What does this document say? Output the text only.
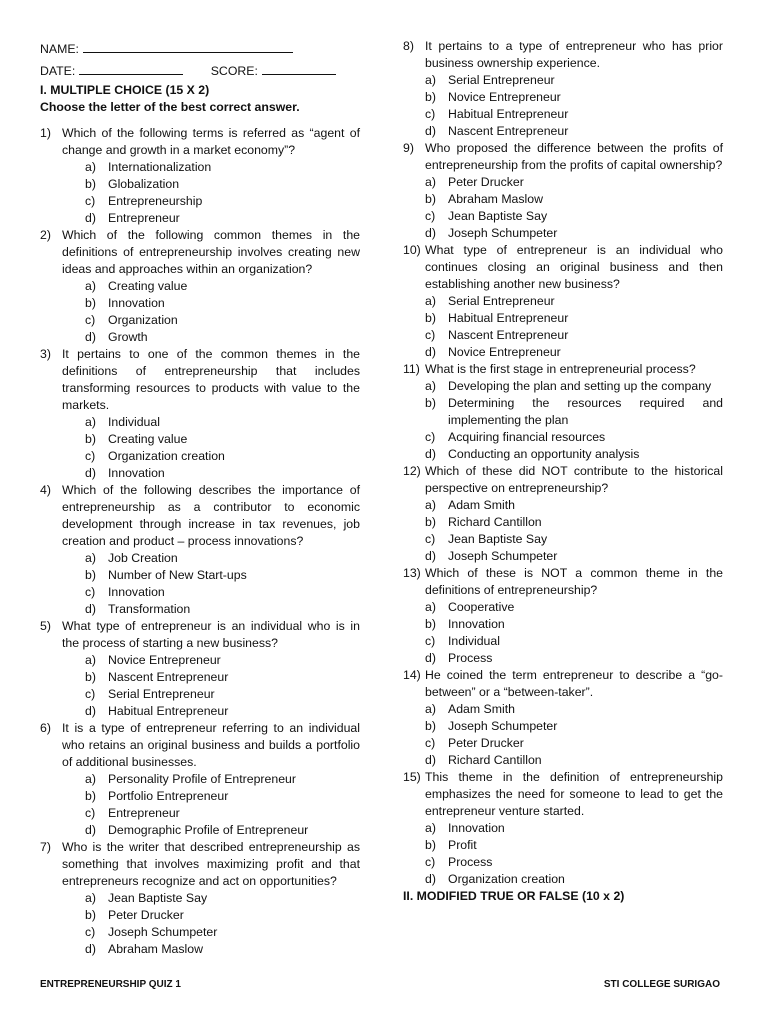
NAME:
DATE:	SCORE:
I. MULTIPLE CHOICE (15 X 2)
Choose the letter of the best correct answer.
1) Which of the following terms is referred as “agent of change and growth in a market economy”?
a) Internationalization
b) Globalization
c)	Entrepreneurship
d) Entrepreneur
2) Which of the following common themes in the definitions of entrepreneurship involves creating new ideas and approaches within an organization?
a) Creating value
b) Innovation
c)	Organization
d) Growth
3) It pertains to one of the common themes in the definitions of entrepreneurship that includes transforming resources to products with value to the markets.
a) Individual
b) Creating value
c)	Organization creation
d) Innovation
4) Which of the following describes the importance of entrepreneurship as a contributor to economic development through increase in tax revenues, job creation and product – process innovations?
a) Job Creation
b) Number of New Start-ups
c)	Innovation
d) Transformation
5) What type of entrepreneur is an individual who is in the process of starting a new business?
a) Novice Entrepreneur
b) Nascent Entrepreneur
c)	Serial Entrepreneur
d) Habitual Entrepreneur
6) It is a type of entrepreneur referring to an individual who retains an original business and builds a portfolio of additional businesses.
a) Personality Profile of Entrepreneur
b) Portfolio Entrepreneur
c)	Entrepreneur
d) Demographic Profile of Entrepreneur
7) Who is the writer that described entrepreneurship as something that involves maximizing profit and that entrepreneurs recognize and act on opportunities?
a) Jean Baptiste Say
b) Peter Drucker
c)	Joseph Schumpeter
d) Abraham Maslow
8) It pertains to a type of entrepreneur who has prior business ownership experience.
a) Serial Entrepreneur
b) Novice Entrepreneur
c)	Habitual Entrepreneur
d) Nascent Entrepreneur
9) Who proposed the difference between the profits of entrepreneurship from the profits of capital ownership?
a) Peter Drucker
b) Abraham Maslow
c)	Jean Baptiste Say
d) Joseph Schumpeter
10) What type of entrepreneur is an individual who continues closing an original business and then establishing another new business?
a) Serial Entrepreneur
b) Habitual Entrepreneur
c)	Nascent Entrepreneur
d) Novice Entrepreneur
11) What is the first stage in entrepreneurial process?
a) Developing the plan and setting up the company
b) Determining the resources required and implementing the plan
c)	Acquiring financial resources
d) Conducting an opportunity analysis
12) Which of these did NOT contribute to the historical perspective on entrepreneurship?
a) Adam Smith
b) Richard Cantillon
c)	Jean Baptiste Say
d) Joseph Schumpeter
13) Which of these is NOT a common theme in the definitions of entrepreneurship?
a) Cooperative
b) Innovation
c)	Individual
d) Process
14) He coined the term entrepreneur to describe a “go-between” or a “between-taker”.
a) Adam Smith
b) Joseph Schumpeter
c)	Peter Drucker
d) Richard Cantillon
15) This theme in the definition of entrepreneurship emphasizes the need for someone to lead to get the entrepreneur venture started.
a) Innovation
b) Profit
c)	Process
d) Organization creation
II. MODIFIED TRUE OR FALSE (10 x 2)
ENTREPRENEURSHIP QUIZ 1	STI COLLEGE SURIGAO
